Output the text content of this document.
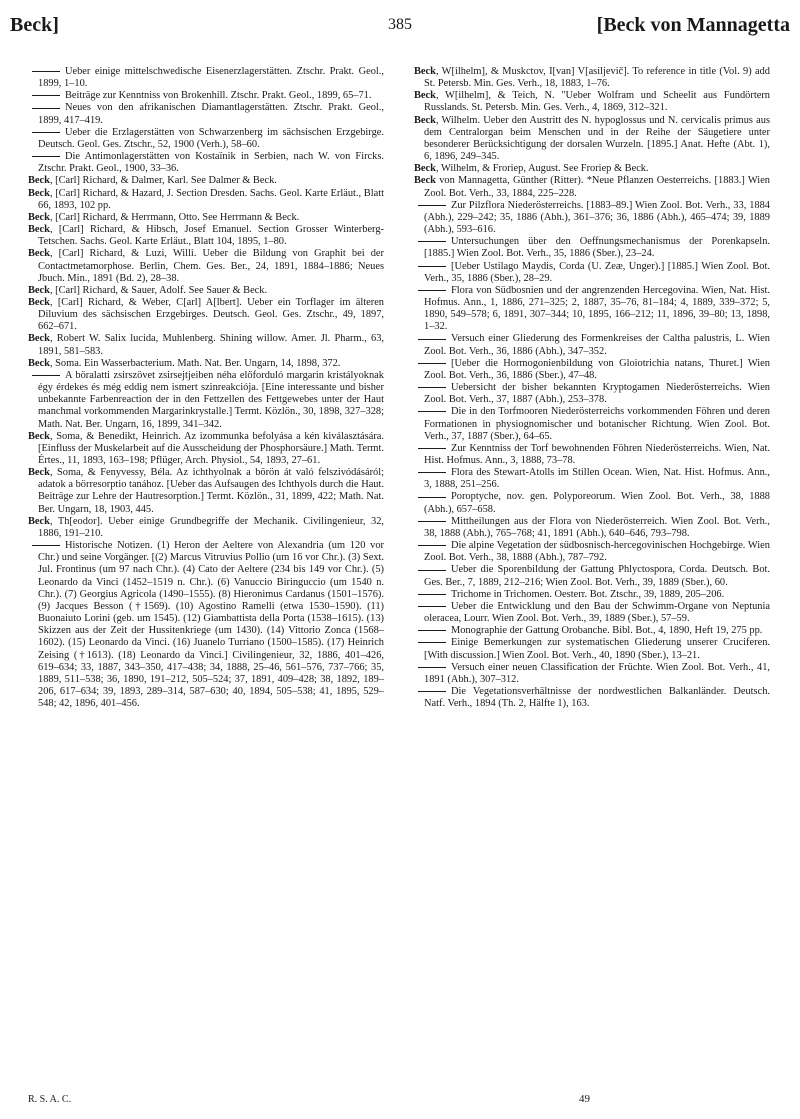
Beck]	385	[Beck von Mannagetta

Ueber einige mittelschwedische Eisenerzlagerstätten. Ztschr. Prakt. Geol., 1899, 1–10.

Beiträge zur Kenntniss von Brokenhill. Ztschr. Prakt. Geol., 1899, 65–71.

Neues von den afrikanischen Diamantlagerstätten. Ztschr. Prakt. Geol., 1899, 417–419.

Ueber die Erzlagerstätten von Schwarzenberg im sächsischen Erzgebirge. Deutsch. Geol. Ges. Ztschr., 52, 1900 (Verh.), 58–60.

Die Antimonlagerstätten von Kostaïnik in Serbien, nach W. von Fircks. Ztschr. Prakt. Geol., 1900, 33–36.

Beck, [Carl] Richard, & Dalmer, Karl. See Dalmer & Beck.

Beck, [Carl] Richard, & Hazard, J. Section Dresden. Sachs. Geol. Karte Erläut., Blatt 66, 1893, 102 pp.

Beck, [Carl] Richard, & Herrmann, Otto. See Herrmann & Beck.

Beck, [Carl] Richard, & Hibsch, Josef Emanuel. Section Grosser Winterberg-Tetschen. Sachs. Geol. Karte Erläut., Blatt 104, 1895, 1–80.

Beck, [Carl] Richard, & Luzi, Willi. Ueber die Bildung von Graphit bei der Contactmetamorphose. Berlin, Chem. Ges. Ber., 24, 1891, 1884–1886; Neues Jbuch. Min., 1891 (Bd. 2), 28–38.

Beck, [Carl] Richard, & Sauer, Adolf. See Sauer & Beck.

Beck, [Carl] Richard, & Weber, C[arl] A[lbert]. Ueber ein Torflager im älteren Diluvium des sächsischen Erzgebirges. Deutsch. Geol. Ges. Ztschr., 49, 1897, 662–671.

Beck, Robert W. Salix lucida, Muhlenberg. Shining willow. Amer. Jl. Pharm., 63, 1891, 581–583.

Beck, Soma. Ein Wasserbacterium. Math. Nat. Ber. Ungarn, 14, 1898, 372.

A böralatti zsirszövet zsirsejtjeiben néha előforduló margarin kristályoknak égy érdekes és még eddig nem ismert szinreakciója. [Eine interessante und bisher unbekannte Farbenreaction der in den Fettzellen des Fettgewebes unter der Haut manchmal vorkommenden Margarinkrystalle.] Termt. Közlön., 30, 1898, 327–328; Math. Nat. Ber. Ungarn, 16, 1899, 341–342.

Beck, Soma, & Benedikt, Heinrich. Az izommunka befolyása a kén kiválasztására. [Einfluss der Muskelarbeit auf die Ausscheidung der Phosphorsäure.] Math. Termt. Értes., 11, 1893, 163–198; Pflüger, Arch. Physiol., 54, 1893, 27–61.

Beck, Soma, & Fenyvessy, Béla. Az ichthyolnak a börön át való felszivódásáról; adatok a börresorptio tanához. [Ueber das Aufsaugen des Ichthyols durch die Haut. Beiträge zur Lehre der Hautresorption.] Termt. Közlön., 31, 1899, 422; Math. Nat. Ber. Ungarn, 18, 1903, 445.

Beck, Th[eodor]. Ueber einige Grundbegriffe der Mechanik. Civilingenieur, 32, 1886, 191–210.

Historische Notizen. (1) Heron der Aeltere von Alexandria (um 120 vor Chr.) und seine Vorgänger. [(2) Marcus Vitruvius Pollio (um 16 vor Chr.). (3) Sext. Jul. Frontinus (um 97 nach Chr.). (4) Cato der Aeltere (234 bis 149 vor Chr.). (5) Leonardo da Vinci (1452–1519 n. Chr.). (6) Vanuccio Biringuccio (um 1540 n. Chr.). (7) Georgius Agricola (1490–1555). (8) Hieronimus Cardanus (1501–1576). (9) Jacques Besson (†1569). (10) Agostino Ramelli (etwa 1530–1590). (11) Buonaiuto Lorini (geb. um 1545). (12) Giambattista della Porta (1538–1615). (13) Skizzen aus der Zeit der Hussitenkriege (um 1430). (14) Vittorio Zonca (1568–1602). (15) Leonardo da Vinci. (16) Juanelo Turriano (1500–1585). (17) Heinrich Zeising (†1613). (18) Leonardo da Vinci.] Civilingenieur, 32, 1886, 401–426, 619–634; 33, 1887, 343–350, 417–438; 34, 1888, 25–46, 561–576, 737–766; 35, 1889, 511–538; 36, 1890, 191–212, 505–524; 37, 1891, 409–428; 38, 1892, 189–206, 617–634; 39, 1893, 289–314, 587–630; 40, 1894, 505–538; 41, 1895, 529–548; 42, 1896, 401–456.

Beck, W[ilhelm], & Muskctov, I[van] V[asiljevič]. To reference in title (Vol. 9) add St. Petersb. Min. Ges. Verh., 18, 1883, 1–76.

Beck, W[ilhelm], & Teich, N. "Ueber Wolfram und Scheelit aus Fundörtern Russlands. St. Petersb. Min. Ges. Verh., 4, 1869, 312–321.

Beck, Wilhelm. Ueber den Austritt des N. hypoglossus und N. cervicalis primus aus dem Centralorgan beim Menschen und in der Reihe der Säugetiere unter besonderer Berücksichtigung der dorsalen Wurzeln. [1895.] Anat. Hefte (Abt. 1), 6, 1896, 249–345.

Beck, Wilhelm, & Froriep, August. See Froriep & Beck.

Beck von Mannagetta, Günther (Ritter). *Neue Pflanzen Oesterreichs. [1883.] Wien Zool. Bot. Verh., 33, 1884, 225–228.

Zur Pilzflora Niederösterreichs. [1883–89.] Wien Zool. Bot. Verh., 33, 1884 (Abh.), 229–242; 35, 1886 (Abh.), 361–376; 36, 1886 (Abh.), 465–474; 39, 1889 (Abh.), 593–616.

Untersuchungen über den Oeffnungsmechanismus der Porenkapseln. [1885.] Wien Zool. Bot. Verh., 35, 1886 (Sber.), 23–24.

[Ueber Ustilago Maydis, Corda (U. Zeæ, Unger).] [1885.] Wien Zool. Bot. Verh., 35, 1886 (Sber.), 28–29.

Flora von Südbosnien und der angrenzenden Hercegovina. Wien, Nat. Hist. Hofmus. Ann., 1, 1886, 271–325; 2, 1887, 35–76, 81–184; 4, 1889, 339–372; 5, 1890, 549–578; 6, 1891, 307–344; 10, 1895, 166–212; 11, 1896, 39–80; 13, 1898, 1–32.

Versuch einer Gliederung des Formenkreises der Caltha palustris, L. Wien Zool. Bot. Verh., 36, 1886 (Abh.), 347–352.

[Ueber die Hormogonienbildung von Gloiotrichia natans, Thuret.] Wien Zool. Bot. Verh., 36, 1886 (Sber.), 47–48.

Uebersicht der bisher bekannten Kryptogamen Niederösterreichs. Wien Zool. Bot. Verh., 37, 1887 (Abh.), 253–378.

Die in den Torfmooren Niederösterreichs vorkommenden Föhren und deren Formationen in physiognomischer und botanischer Richtung. Wien Zool. Bot. Verh., 37, 1887 (Sber.), 64–65.

Zur Kenntniss der Torf bewohnenden Föhren Niederösterreichs. Wien, Nat. Hist. Hofmus. Ann., 3, 1888, 73–78.

Flora des Stewart-Atolls im Stillen Ocean. Wien, Nat. Hist. Hofmus. Ann., 3, 1888, 251–256.

Poroptyche, nov. gen. Polyporeorum. Wien Zool. Bot. Verh., 38, 1888 (Abh.), 657–658.

Mittheilungen aus der Flora von Niederösterreich. Wien Zool. Bot. Verh., 38, 1888 (Abh.), 765–768; 41, 1891 (Abh.), 640–646, 793–798.

Die alpine Vegetation der südbosnisch-hercegovinischen Hochgebirge. Wien Zool. Bot. Verh., 38, 1888 (Abh.), 787–792.

Ueber die Sporenbildung der Gattung Phlyctospora, Corda. Deutsch. Bot. Ges. Ber., 7, 1889, 212–216; Wien Zool. Bot. Verh., 39, 1889 (Sber.), 60.

Trichome in Trichomen. Oesterr. Bot. Ztschr., 39, 1889, 205–206.

Ueber die Entwicklung und den Bau der Schwimm-Organe von Neptunia oleracea, Lourr. Wien Zool. Bot. Verh., 39, 1889 (Sber.), 57–59.

Monographie der Gattung Orobanche. Bibl. Bot., 4, 1890, Heft 19, 275 pp.

Einige Bemerkungen zur systematischen Gliederung unserer Cruciferen. [With discussion.] Wien Zool. Bot. Verh., 40, 1890 (Sber.), 13–21.

Versuch einer neuen Classification der Früchte. Wien Zool. Bot. Verh., 41, 1891 (Abh.), 307–312.

Die Vegetationsverhältnisse der nordwestlichen Balkanländer. Deutsch. Natf. Verh., 1894 (Th. 2, Hälfte 1), 163.

R. S. A. C.	49
